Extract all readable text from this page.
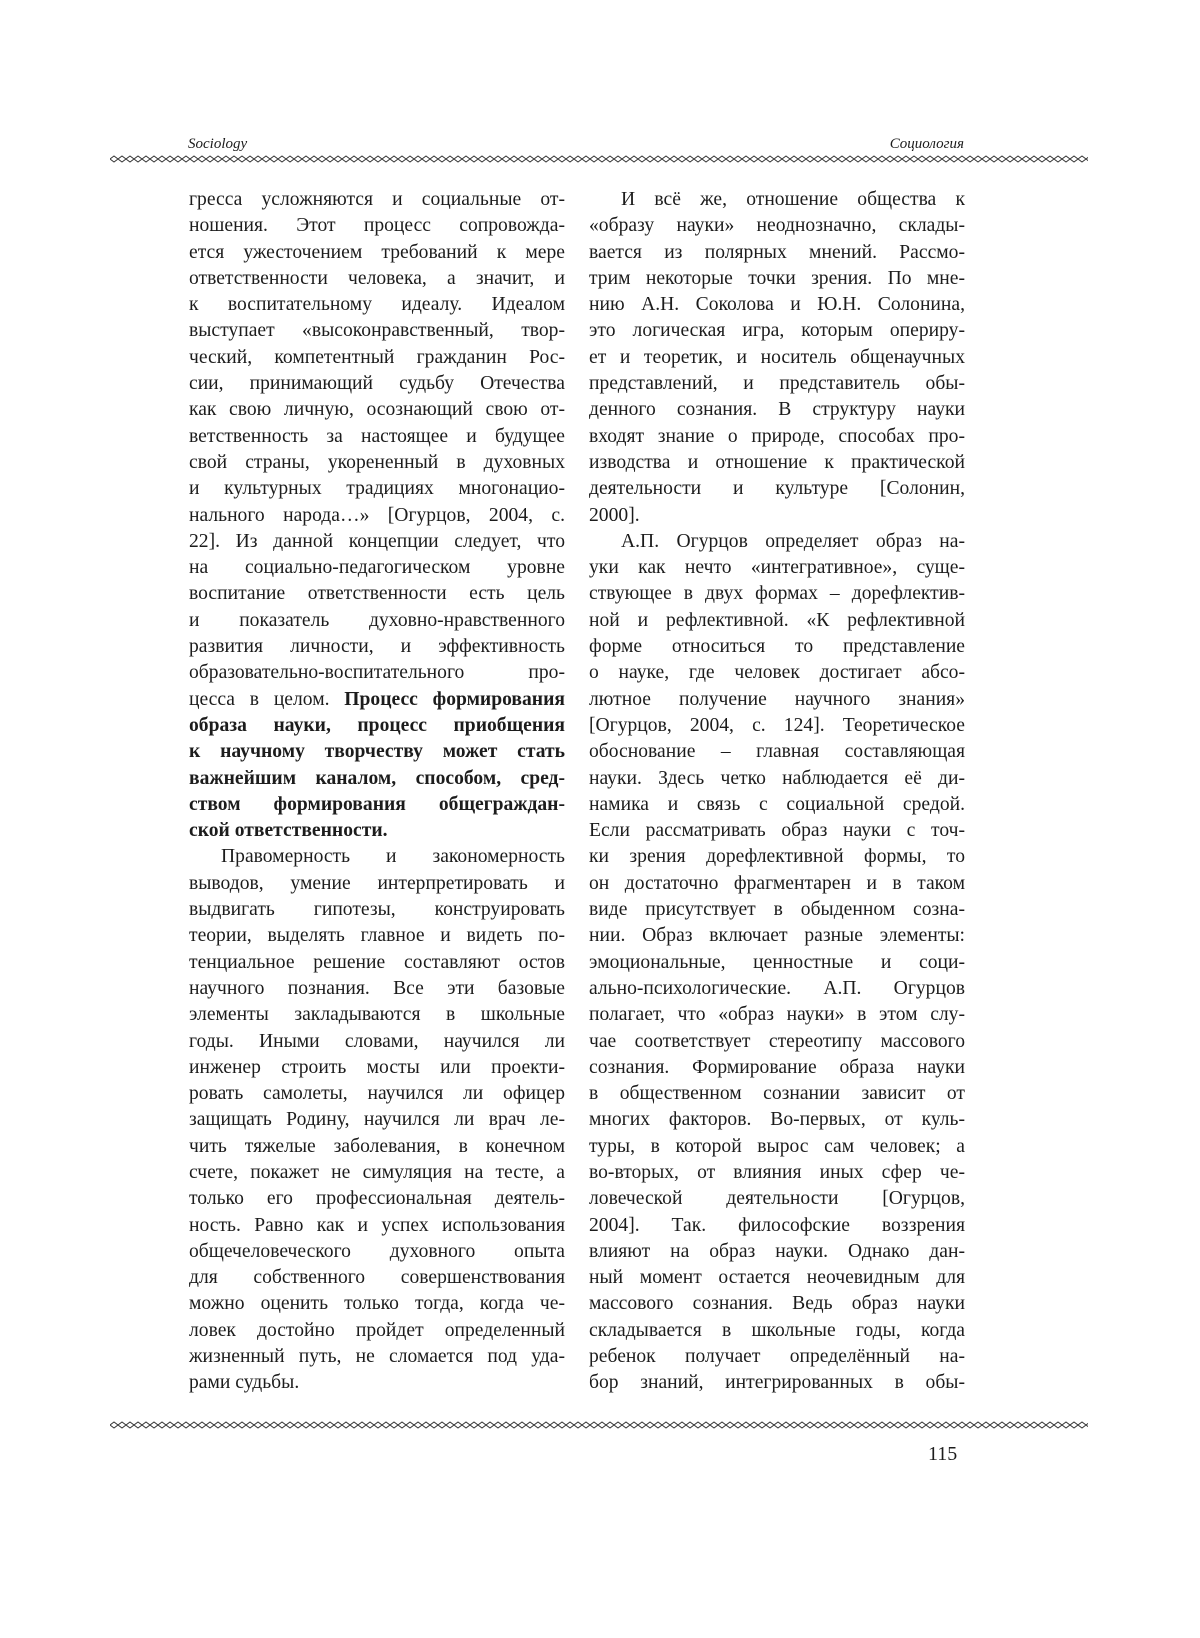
Sociology	Социология
гресса усложняются и социальные от-
ношения. Этот процесс сопровожда-
ется ужесточением требований к мере
ответственности человека, а значит, и
к воспитательному идеалу. Идеалом
выступает «высоконравственный, твор-
ческий, компетентный гражданин Рос-
сии, принимающий судьбу Отечества
как свою личную, осознающий свою от-
ветственность за настоящее и будущее
свой страны, укорененный в духовных
и культурных традициях многонацио-
нального народа…» [Огурцов, 2004, с.
22]. Из данной концепции следует, что
на социально-педагогическом уровне
воспитание ответственности есть цель
и показатель духовно-нравственного
развития личности, и эффективность
образовательно-воспитательного про-
цесса в целом. Процесс формирования
образа науки, процесс приобщения
к научному творчеству может стать
важнейшим каналом, способом, сред-
ством формирования общеграждан-
ской ответственности.
Правомерность и закономерность
выводов, умение интерпретировать и
выдвигать гипотезы, конструировать
теории, выделять главное и видеть по-
тенциальное решение составляют остов
научного познания. Все эти базовые
элементы закладываются в школьные
годы. Иными словами, научился ли
инженер строить мосты или проекти-
ровать самолеты, научился ли офицер
защищать Родину, научился ли врач ле-
чить тяжелые заболевания, в конечном
счете, покажет не симуляция на тесте, а
только его профессиональная деятель-
ность. Равно как и успех использования
общечеловеческого духовного опыта
для собственного совершенствования
можно оценить только тогда, когда че-
ловек достойно пройдет определенный
жизненный путь, не сломается под уда-
рами судьбы.
И всё же, отношение общества к
«образу науки» неоднозначно, склады-
вается из полярных мнений. Рассмо-
трим некоторые точки зрения. По мне-
нию А.Н. Соколова и Ю.Н. Солонина,
это логическая игра, которым опериру-
ет и теоретик, и носитель общенаучных
представлений, и представитель обы-
денного сознания. В структуру науки
входят знание о природе, способах про-
изводства и отношение к практической
деятельности и культуре [Солонин,
2000].
А.П. Огурцов определяет образ на-
уки как нечто «интегративное», суще-
ствующее в двух формах – дорефлектив-
ной и рефлективной. «К рефлективной
форме относиться то представление
о науке, где человек достигает абсо-
лютное получение научного знания»
[Огурцов, 2004, с. 124]. Теоретическое
обоснование – главная составляющая
науки. Здесь четко наблюдается её ди-
намика и связь с социальной средой.
Если рассматривать образ науки с точ-
ки зрения дорефлективной формы, то
он достаточно фрагментарен и в таком
виде присутствует в обыденном созна-
нии. Образ включает разные элементы:
эмоциональные, ценностные и соци-
ально-психологические. А.П. Огурцов
полагает, что «образ науки» в этом слу-
чае соответствует стереотипу массового
сознания. Формирование образа науки
в общественном сознании зависит от
многих факторов. Во-первых, от куль-
туры, в которой вырос сам человек; а
во-вторых, от влияния иных сфер че-
ловеческой деятельности [Огурцов,
2004]. Так. философские воззрения
влияют на образ науки. Однако дан-
ный момент остается неочевидным для
массового сознания. Ведь образ науки
складывается в школьные годы, когда
ребенок получает определённый на-
бор знаний, интегрированных в обы-
115
